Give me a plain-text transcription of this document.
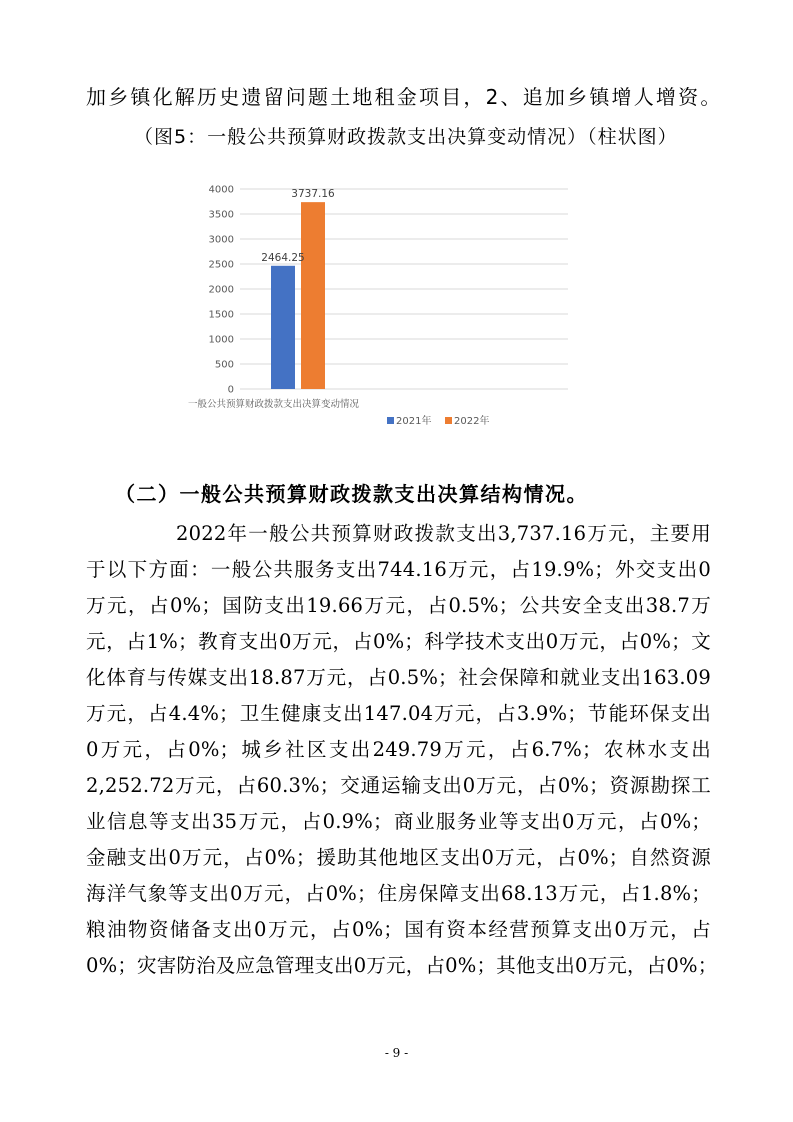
加乡镇化解历史遗留问题土地租金项目，2、追加乡镇增人增资。
（图5：一般公共预算财政拨款支出决算变动情况）（柱状图）
0
500
1000
1500
2000
2500
3000
3500
4000
2464.25
3737.16
一般公共预算财政拨款支出决算变动情况
2021年 2022年
（二）一般公共预算财政拨款支出决算结构情况。
2022年一般公共预算财政拨款支出3,737.16万元，主要用
于以下方面：一般公共服务支出744.16万元，占19.9%；外交支出0
万元，占0%；国防支出19.66万元，占0.5%；公共安全支出38.7万
元，占1%；教育支出0万元，占0%；科学技术支出0万元，占0%；文
化体育与传媒支出18.87万元，占0.5%；社会保障和就业支出163.09
万元，占4.4%；卫生健康支出147.04万元，占3.9%；节能环保支出
0万元，占0%；城乡社区支出249.79万元，占6.7%；农林水支出
2,252.72万元，占60.3%；交通运输支出0万元，占0%；资源勘探工
业信息等支出35万元，占0.9%；商业服务业等支出0万元，占0%；
金融支出0万元，占0%；援助其他地区支出0万元，占0%；自然资源
海洋气象等支出0万元，占0%；住房保障支出68.13万元，占1.8%；
粮油物资储备支出0万元，占0%；国有资本经营预算支出0万元，占
0%；灾害防治及应急管理支出0万元，占0%；其他支出0万元，占0%；
- 9 -
